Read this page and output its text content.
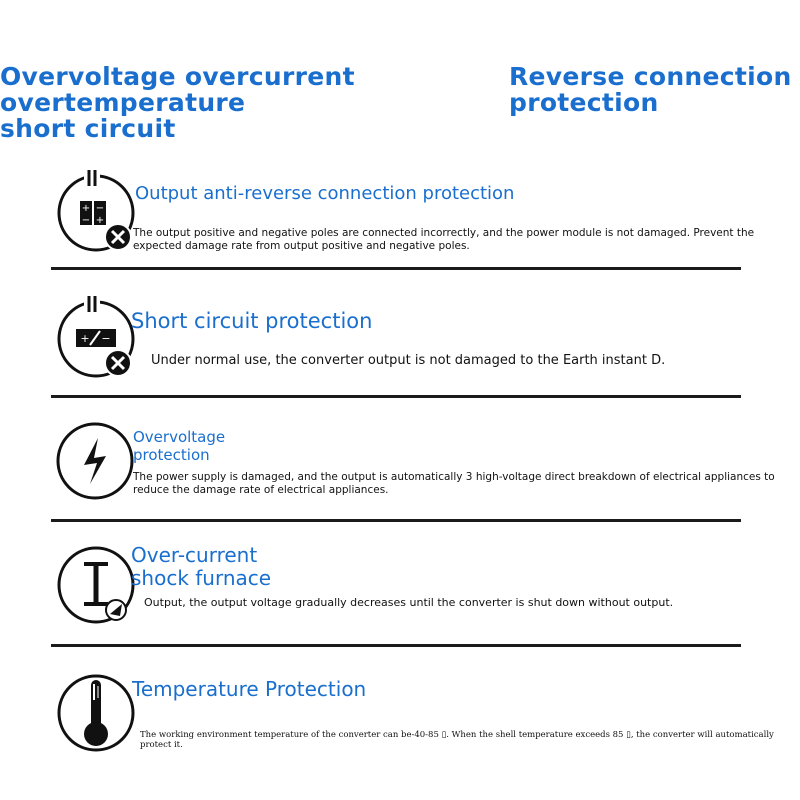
Overvoltage overcurrent overtemperature
short circuit
Reverse connection
protection
+
−
−
+

Output anti-reverse connection protection

The output positive and negative poles are connected incorrectly, and the power module is not damaged. Prevent the expected damage rate from output positive and negative poles.

+ −

Short circuit protection

Under normal use, the converter output is not damaged to the Earth instant D.

Overvoltage
protection

The power supply is damaged, and the output is automatically 3 high-voltage direct breakdown of electrical appliances to reduce the damage rate of electrical appliances.

Over-current
shock furnace

Output, the output voltage gradually decreases until the converter is shut down without output.

Temperature Protection

The working environment temperature of the converter can be-40-85 ▯. When the shell temperature exceeds 85 ▯, the converter will automatically protect it.
